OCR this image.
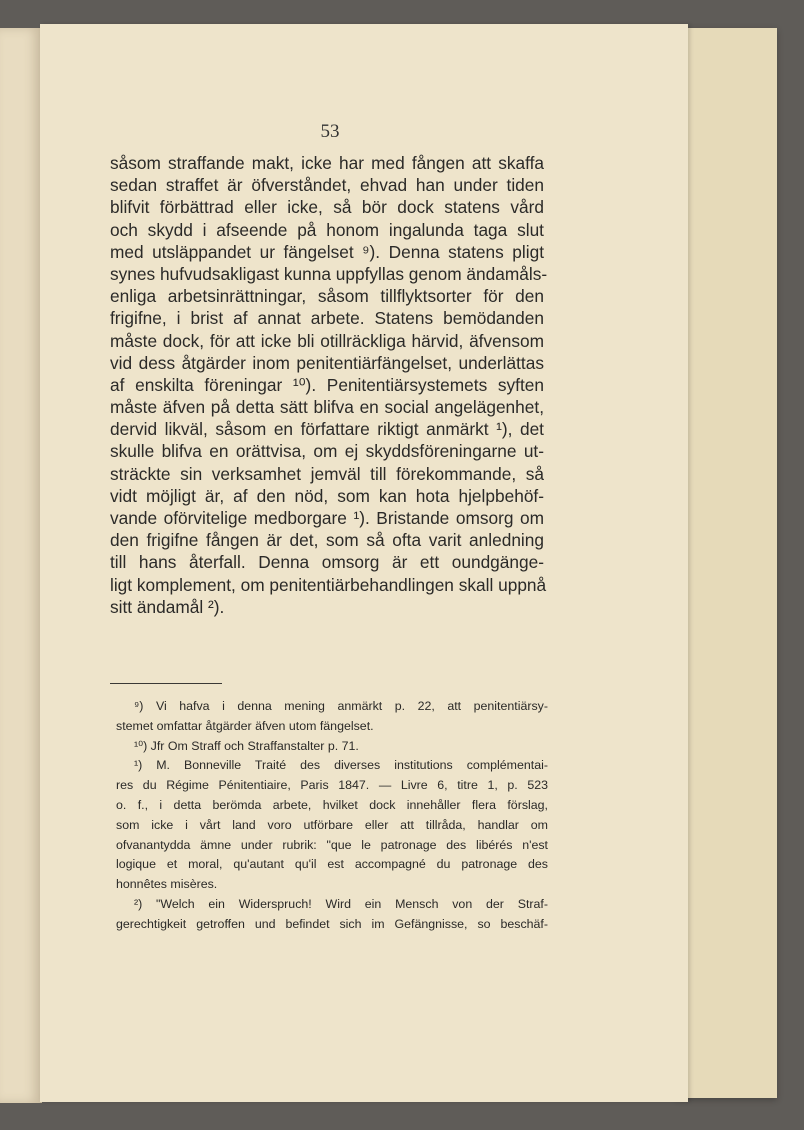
53
såsom straffande makt, icke har med fången att skaffa
sedan straffet är öfverståndet, ehvad han under tiden
blifvit förbättrad eller icke, så bör dock statens vård
och skydd i afseende på honom ingalunda taga slut
med utsläppandet ur fängelset ⁹). Denna statens pligt
synes hufvudsakligast kunna uppfyllas genom ändamåls-
enliga arbetsinrättningar, såsom tillflyktsorter för den
frigifne, i brist af annat arbete. Statens bemödanden
måste dock, för att icke bli otillräckliga härvid, äfvensom
vid dess åtgärder inom penitentiärfängelset, underlättas
af enskilta föreningar ¹⁰). Penitentiärsystemets syften
måste äfven på detta sätt blifva en social angelägenhet,
dervid likväl, såsom en författare riktigt anmärkt ¹), det
skulle blifva en orättvisa, om ej skyddsföreningarne ut-
sträckte sin verksamhet jemväl till förekommande, så
vidt möjligt är, af den nöd, som kan hota hjelpbehöf-
vande oförvitelige medborgare ¹). Bristande omsorg om
den frigifne fången är det, som så ofta varit anledning
till hans återfall. Denna omsorg är ett oundgänge-
ligt komplement, om penitentiärbehandlingen skall uppnå
sitt ändamål ²).
⁹) Vi hafva i denna mening anmärkt p. 22, att penitentiärsy-
stemet omfattar åtgärder äfven utom fängelset.
¹⁰) Jfr Om Straff och Straffanstalter p. 71.
¹) M. Bonneville Traité des diverses institutions complémentai-
res du Régime Pénitentiaire, Paris 1847. — Livre 6, titre 1, p. 523
o. f., i detta berömda arbete, hvilket dock innehåller flera förslag,
som icke i vårt land voro utförbare eller att tillråda, handlar om
ofvanantydda ämne under rubrik: "que le patronage des libérés n'est
logique et moral, qu'autant qu'il est accompagné du patronage des
honnêtes misères.
²) "Welch ein Widerspruch! Wird ein Mensch von der Straf-
gerechtigkeit getroffen und befindet sich im Gefängnisse, so beschäf-
